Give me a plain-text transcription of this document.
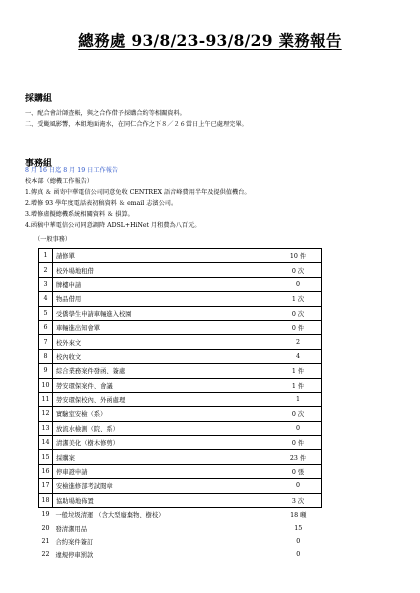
總務處 93/8/23-93/8/29 業務報告
採購組
一、配合會計師查帳，與之合作借予採購合約等相關資料。
二、受颱風影響，本組地面淹水，在同仁合作之下８／２６當日上午已處理完畢。
事務組
8 月 16 日迄 8 月 19 日工作報告
校本部（總機工作報告）
1.傳真 ＆ 函寄中華電信公司同意免收 CENTREX 語音峰費用半年及提供值機台。
2.增修 93 學年度電話表初稿資料 ＆ email 志濱公司。
3.增修虛擬總機系統相關資料 ＆ 損算。
4.函稿中華電信公司同意調降 ADSL+HiNet 月租費為八百元。
（一般事務）
1	請修單	10 件
2	校外場地租借	0 次
3	牌樓申請	0
4	物品借用	1 次
5	受僑學生申請車輛進入校園	0 次
6	車輛進出知會單	0 件
7	校外來文	2
8	校內收文	4
9	綜合業務案件發函、簽處	1 件
10	勞安環保案件、會議	1 件
11	勞安環保校內、外函處理	1
12	實驗室安檢（系）	0 次
13	放流水檢測（院、系）	0
14	清潔美化（樹木修剪）	0 件
15	採購案	23 件
16	停車證申請	0 張
17	安檢進修部考試閱章	0
18	協助場地佈置	3 次
19	一般垃圾清運 （含大型廢棄物、樹枝）	18 噸
20	發清潔用品	15
21	合約案件簽訂	0
22	違規停車罰款	0
